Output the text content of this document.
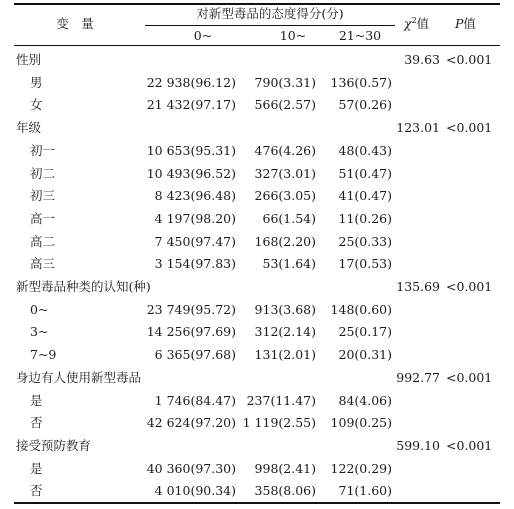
变　量
对新型毒品的态度得分(分)
0~	10~	21~30
$\chi^2$值 P值
性别	39.63 <0.001
男	22 938(96.12)	790(3.31)	136(0.57)
女	21 432(97.17)	566(2.57)	57(0.26)
年级	123.01 <0.001
初一	10 653(95.31)	476(4.26)	48(0.43)
初二	10 493(96.52)	327(3.01)	51(0.47)
初三	8 423(96.48)	266(3.05)	41(0.47)
高一	4 197(98.20)	66(1.54)	11(0.26)
高二	7 450(97.47)	168(2.20)	25(0.33)
高三	3 154(97.83)	53(1.64)	17(0.53)
新型毒品种类的认知(种)	135.69 <0.001
0~	23 749(95.72)	913(3.68)	148(0.60)
3~	14 256(97.69)	312(2.14)	25(0.17)
7~9	6 365(97.68)	131(2.01)	20(0.31)
身边有人使用新型毒品	992.77 <0.001
是	1 746(84.47) 237(11.47)	84(4.06)
否	42 624(97.20) 1 119(2.55)	109(0.25)
接受预防教育	599.10 <0.001
是	40 360(97.30)	998(2.41)	122(0.29)
否	4 010(90.34)	358(8.06)	71(1.60)
